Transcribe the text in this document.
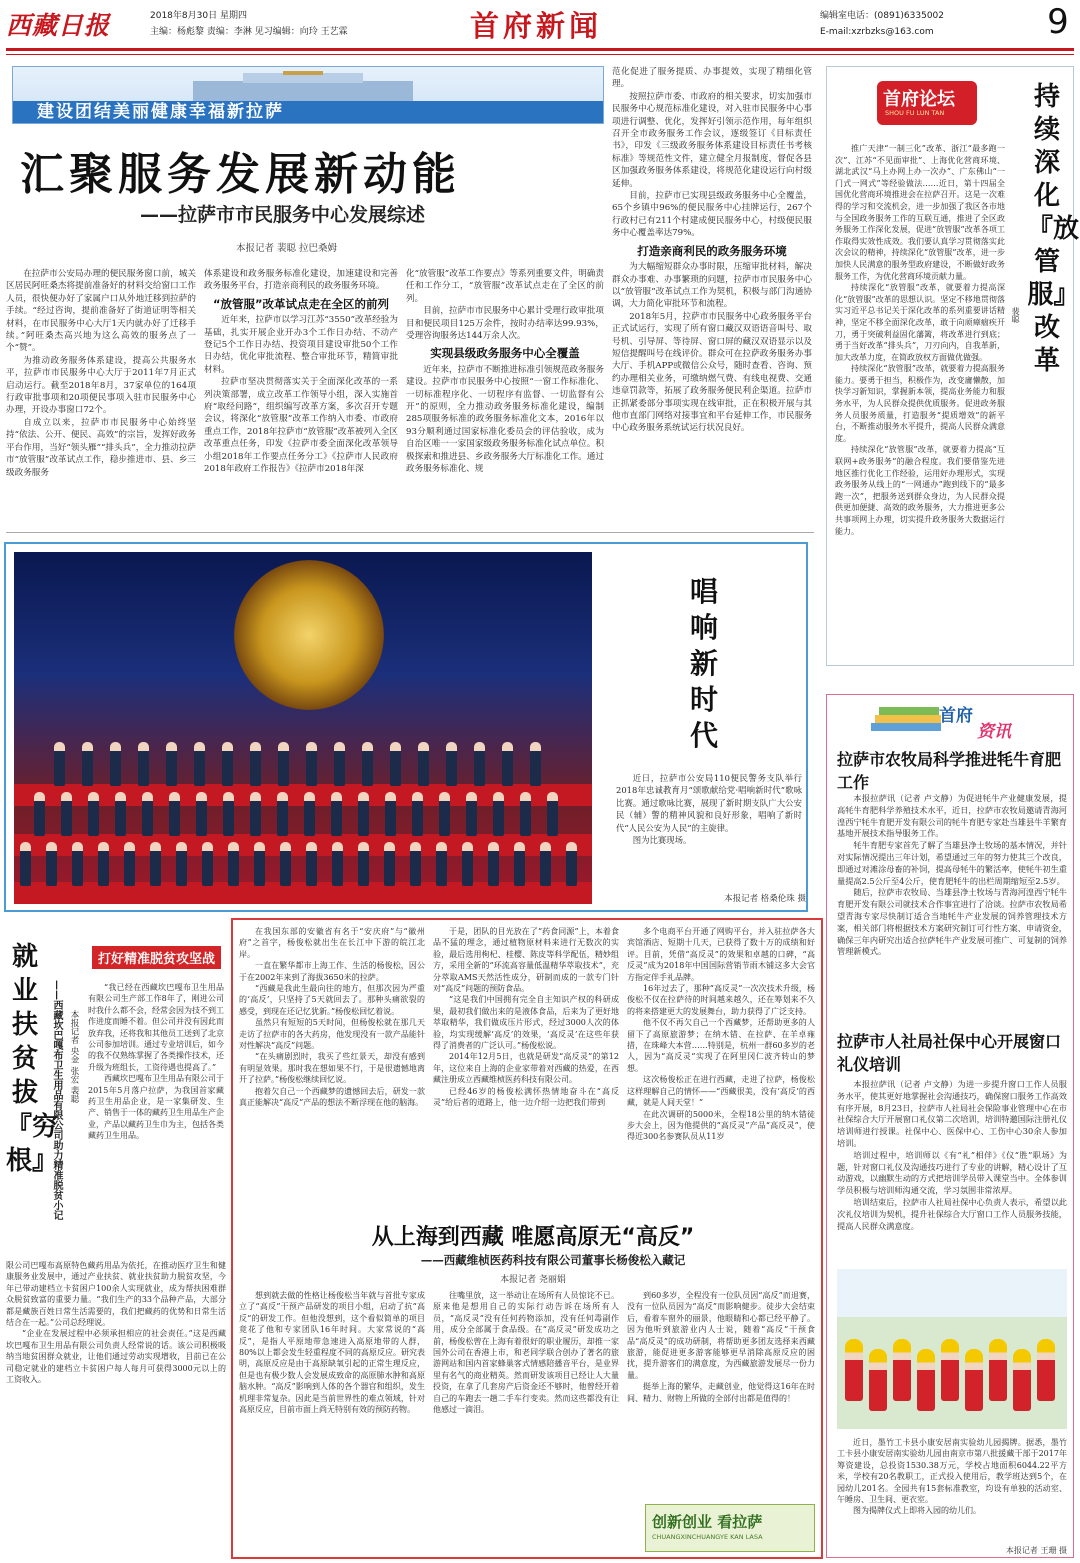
西藏日报	2018年8月30日 星期四
主编：杨彪黎 责编：李淋 见习编辑：向玲 王艺霖	首府新闻	编辑室电话：(0891)6335002
E-mail:xzrbzks@163.com	9
建设团结美丽健康幸福新拉萨
汇聚服务发展新动能
——拉萨市市民服务中心发展综述
本报记者 裴聪 拉巴桑姆

在拉萨市公安局办理的便民服务窗口前，城关区居民阿旺桑杰将提前准备好的材料交给窗口工作人员，很快便办好了家属户口从外地迁移到拉萨的手续。“经过咨询，提前准备好了街道证明等相关材料，在市民服务中心大厅1天内就办好了迁移手续。”阿旺桑杰高兴地为这么高效的服务点了一个“赞”。

为推动政务服务体系建设，提高公共服务水平，拉萨市市民服务中心大厅于2011年7月正式启动运行。截至2018年8月，37家单位的164项行政审批事项和20项便民事项入驻市民服务中心办理，开设办事窗口72个。

自成立以来，拉萨市市民服务中心始终坚持“依法、公开、便民、高效”的宗旨，发挥好政务平台作用，当好“领头雁”“排头兵”，全力推动拉萨市“放管服”改革试点工作，稳步推进市、县、乡三级政务服务

体系建设和政务服务标准化建设，加速建设和完善政务服务平台，打造亲商利民的政务服务环境。

“放管服”改革试点走在全区的前列

近年来，拉萨市以学习江苏“3550”改革经验为基础，扎实开展企业开办3个工作日办结、不动产登记5个工作日办结、投资项目建设审批50个工作日办结，优化审批流程、整合审批环节，精简审批材料。

拉萨市坚决贯彻落实关于全面深化改革的一系列决策部署，成立改革工作领导小组，深入实施首府“取经问路”，组织编写改革方案，多次召开专题会议，将深化“放管服”改革工作纳入市委、市政府重点工作，2018年拉萨市“放管服”改革被列入全区改革重点任务，印发《拉萨市委全面深化改革领导小组2018年工作要点任务分工》《拉萨市人民政府2018年政府工作报告》《拉萨市2018年深

化“放管服”改革工作要点》等系列重要文件，明确责任和工作分工，“放管服”改革试点走在了全区的前列。

目前，拉萨市市民服务中心累计受理行政审批项目和便民项目125万余件，按时办结率达99.93%，受理咨询服务达144万余人次。

实现县级政务服务中心全覆盖

近年来，拉萨市不断推进标准引领规范政务服务建设。拉萨市市民服务中心按照“一窗工作标准化、一切标准程序化、一切程序有监督、一切监督有公开”的原则，全力推动政务服务标准化建设，编制285项服务标准的政务服务标准化文本，2016年以93分顺利通过国家标准化委员会的评估验收，成为自治区唯一一家国家级政务服务标准化试点单位。积极探索和推进县、乡政务服务大厅标准化工作。通过政务服务标准化、规

范化促进了服务提质、办事提效，实现了精细化管理。

按照拉萨市委、市政府的相关要求，切实加强市民服务中心规范标准化建设，对入驻市民服务中心事项进行调整、优化，发挥好引领示范作用，每年组织召开全市政务服务工作会议，逐级签订《目标责任书》，印发《三级政务服务体系建设目标责任书考核标准》等规范性文件，建立健全月报制度，督促各县区加强政务服务体系建设，将规范化建设运行向村级延伸。

目前，拉萨市已实现县级政务服务中心全覆盖，65个乡镇中96%的便民服务中心挂牌运行，267个行政村已有211个村建成便民服务中心，村级便民服务中心覆盖率达79%。

打造亲商利民的政务服务环境

为大幅缩短群众办事时限，压缩审批材料，解决群众办事难、办事繁琐的问题，拉萨市市民服务中心以“放管服”改革试点工作为契机，积极与部门沟通协调，大力简化审批环节和流程。

2018年5月，拉萨市市民服务中心政务服务平台正式试运行，实现了所有窗口藏汉双语语音叫号、取号机、引导屏、等待屏、窗口屏的藏汉双语显示以及短信提醒叫号在线评价。群众可在拉萨政务服务办事大厅、手机APP或微信公众号，随时查看、咨询、预约办理相关业务，可缴纳燃气费、有线电视费、交通违章罚款等，拓展了政务服务便民利企渠道。拉萨市正抓紧委部分事项实现在线审批，正在积极开展与其他市直部门网络对接事宜和平台延伸工作，市民服务中心政务服务系统试运行状况良好。

唱响新时代

近日，拉萨市公安局110便民警务支队举行2018年忠诚教育月“颂歌献给党·唱响新时代”歌咏比赛。通过歌咏比赛，展现了新时期支队广大公安民（辅）警的精神风貌和良好形象，唱响了新时代“人民公安为人民”的主旋律。

图为比赛现场。

本报记者 格桑伦珠 摄
首府论坛
SHOU FU LUN TAN
持续深化『放管服』改革
裴聪

推广天津“一制三化”改革、浙江“最多跑一次”、江苏“不见面审批”、上海优化营商环境、湖北武汉“马上办网上办一次办”、广东佛山“一门式一网式”等经验做法……近日，第十四届全国优化营商环境推进会在拉萨召开。这是一次难得的学习和交流机会，进一步加强了我区各市地与全国政务服务工作的互联互通，推进了全区政务服务工作深化发展，促进“放管服”改革各项工作取得实效性成效。我们要认真学习贯彻落实此次会议的精神，持续深化“放管服”改革，进一步加快人民满意的服务型政府建设，不断做好政务服务工作，为优化营商环境贡献力量。

持续深化“放管服”改革，就要着力提高深化“放管服”改革的思想认识。坚定不移地贯彻落实习近平总书记关于深化改革的系列重要讲话精神，坚定不移全面深化改革，敢于向顽瘴痼疾开刀，勇于突破利益固化藩篱，将改革进行到底；勇于当好改革“排头兵”，刀刃向内，自我革新，加大改革力度，在简政放权方面做优做强。

持续深化“放管服”改革，就要着力提高服务能力。要勇于担当，积极作为，改变庸懒散，加快学习新知识，掌握新本领，提高业务能力和服务水平，为人民群众提供优质服务。促进政务服务人员服务质量，打造服务“提质增效”的新平台，不断推动服务水平提升，提高人民群众满意度。

持续深化“放管服”改革，就要着力提高“互联网+政务服务”的融合程度。我们要借鉴先进地区推行优化工作经验，运用好办理形式，实现政务服务从线上的“一网通办”跑到线下的“最多跑一次”，把服务送到群众身边，为人民群众提供更加便捷、高效的政务服务，大力推进更多公共事项网上办理，切实提升政务服务大数据运行能力。

首府
资讯
拉萨市农牧局科学推进牦牛育肥工作

本报拉萨讯（记者 卢文静）为促进牦牛产业健康发展，提高牦牛育肥科学养殖技术水平，近日，拉萨市农牧局邀请青海河湟西宁牦牛育肥开发有限公司的牦牛育肥专家赴当雄县牛羊繁育基地开展技术指导服务工作。

牦牛育肥专家首先了解了当雄县净土牧场的基本情况，并针对实际情况提出三年计划，希望通过三年的努力使其三个改良，即通过对滩涂母畜的补饲，提高母牦牛的繁活率，使牦牛初生重量提高2.5公斤至4公斤，使育肥牦牛的出栏周期缩短至2.5岁。

随后，拉萨市农牧局、当雄县净土牧场与青海河湟西宁牦牛育肥开发有限公司就技术合作事宜进行了洽谈。拉萨市农牧局希望青海专家尽快制订适合当地牦牛产业发展的饲养管理技术方案，相关部门将根据技术方案研究制订可行性方案、申请资金，确保三年内研究出适合拉萨牦牛产业发展可推广、可复制的饲养管理新模式。

拉萨市人社局社保中心开展窗口礼仪培训

本报拉萨讯（记者 卢文静）为进一步提升窗口工作人员服务水平，使其更好地掌握社会沟通技巧，确保窗口服务工作高效有序开展，8月23日，拉萨市人社局社会保险事业管理中心在市社保综合大厅开展窗口礼仪第二次培训，培训特邀国际注册礼仪培训师进行授课。社保中心、医保中心、工伤中心30余人参加培训。

培训过程中，培训师以《有“礼”相伴》《仪“胜”职场》为题，针对窗口礼仪及沟通技巧进行了专业的讲解，精心设计了互动游戏，以幽默生动的方式把培训学员带入课堂当中。全体参训学员积极与培训师沟通交流，学习氛围非常浓厚。

培训结束后，拉萨市人社局社保中心负责人表示，希望以此次礼仪培训为契机，提升社保综合大厅窗口工作人员服务技能，提高人民群众满意度。

近日，墨竹工卡县小康安居南实验幼儿园揭牌。据悉，墨竹工卡县小康安居南实验幼儿园由南京市第八批援藏干部于2017年筹资建设，总投资1530.38万元，学校占地面积6044.22平方米，学校有20名教职工，正式投入使用后，教学班达到5个，在园幼儿201名。全园共有15套标准教室，均设有单独的活动室、午睡房、卫生间、更衣室。

图为揭牌仪式上即将入园的幼儿们。

本报记者 王珊 摄
打好精准脱贫攻坚战
就业扶贫拔『穷根』
——西藏坎巴嘎布卫生用品有限公司助力精准脱贫小记 本报记者 央金 张宏 裴聪

“我已经在西藏坎巴嘎布卫生用品有限公司生产部工作8年了，刚进公司时我什么都不会，经常会因为技不到工作进度而睡不着。但公司并没有因此而放弃我，还将我和其他员工送到了北京公司参加培训。通过专业培训后，如今的我不仅熟练掌握了各类操作技术，还升级为班组长，工资待遇也提高了。”

西藏坎巴嘎布卫生用品有限公司于2015年5月落户拉萨，为我国首家藏药卫生用品企业，是一家集研发、生产、销售于一体的藏药卫生用品生产企业，产品以藏药卫生巾为主，包括各类藏药卫生用品。

限公司巴嘎布高原特色藏药用品为依托，在推动医疗卫生和健康服务业发展中，通过产业扶贫、就业扶贫助力脱贫攻坚，今年已带动建档立卡贫困户100余人实现就业，成为帮扶困难群众脱贫致富的重要力量。“我们生产的33个品种产品，大部分都是藏族百姓日常生活需要的，我们把藏药的优势和日常生活结合在一起。”公司总经理说。

“企业在发展过程中必须承担相应的社会责任。”这是西藏坎巴嘎布卫生用品有限公司负责人经常说的话。该公司积极吸纳当地贫困群众就业，让他们通过劳动实现增收，目前已在公司稳定就业的建档立卡贫困户每人每月可获得3000元以上的工资收入。

在我国东部的安徽省有名于“安庆府”与“徽州府”之首字，杨俊松就出生在长江中下游的皖江北岸。

一直在繁华都市上海工作、生活的杨俊松，因公于在2002年来到了海拔3650米的拉萨。

“西藏是我此生最向往的地方，但那次因为严重的‘高反’，只坚持了5天就回去了。那种头痛欲裂的感受，到现在还记忆犹新。”杨俊松回忆着说。

虽然只有短短的5天时间，但杨俊松就在那几天走访了拉萨市的各大药房，他发现没有一款产品能针对性解决“高反”问题。

“在头痛剧烈时，我买了些红景天，却没有感到有明显效果。那时我在想如果不行，于是很遗憾地离开了拉萨。”杨俊松继续回忆说。

抱着欠自己一个西藏梦的遗憾回去后，研发一款真正能解决“高反”产品的想法不断浮现在他的脑海。

于是，团队的目光放在了“药食同源”上，本着食品不猛的理念，通过植物原材料来进行无数次的实验，最后选用枸杞、桂樱、陈皮等科学配伍，精妙组方，采用全新的“环流高容量低温精华萃取技术”，充分萃取AMS天然活性成分，研制而成的一款专门针对“高反”问题的预防食品。

“这是我们中国拥有完全自主知识产权的科研成果，最初我们做出来的是液体食品，后来为了更好地萃取精华，我们做成压片形式，经过3000人次的体验，均实现缓解‘高反’的效果，‘高反灵’在这些年获得了消费者的广泛认可。”杨俊松说。

2014年12月5日，也就是研发“高反灵”的第12年，这位来自上海的企业家带着对西藏的热爱，在西藏注册成立西藏维桢医药科技有限公司。

已经46岁的杨俊松满怀热情地奋斗在“高反灵”给后者的道路上，他一边介绍一边把我们带到

多个电商平台开通了网购平台，并入驻拉萨各大宾馆酒店、短期十几天，已获得了数十万的成绩和好评。目前，凭借“高反灵”的效果和卓越的口碑，“高反灵”成为2018年中国国际营销节雨木铺这多大会官方指定伴手礼品牌。

16年过去了，那种“高反灵”一次次技术升级，杨俊松不仅在拉萨待的时间越来越久，还在筹划来不久的将来搭建更大的发展舞台，助力获得了广泛支持。

他不仅不再欠自己一个西藏梦，还帮助更多的人留下了高原旅游梦；在纳木错、在拉萨、在羊卓雍措，在珠峰大本营……特别是，杭州一群60多岁的老人，因为“高反灵”实现了在阿里冈仁波齐转山的梦想。

这次杨俊松正在进行西藏，走进了拉萨，杨俊松这样理解自己的情怀——“西藏很美，没有‘高反’的西藏，就是人间天堂！”

在此次调研的5000米，全程18公里的纳木错徒步大会上，因为他提供的“高反灵”产品“高反灵”，使得近300名参赛队员从11岁

从上海到西藏 唯愿高原无“高反”
——西藏维桢医药科技有限公司董事长杨俊松入藏记
本报记者 尧丽娟

想到就去做的性格让杨俊松当年就与首批专家成立了“高反”干预产品研发的项目小组，启动了抗“高反”的研发工作。但他没想到，这个看似简单的项目竟花了他和专家团队16年时间。大家常说的“高反”，是指人平原地带急速进入高原地带的人群，80%以上都会发生轻重程度不同的高原反应。研究表明，高原反应是由于高原缺氧引起的正常生理反应，但是也有极少数人会发展成致命的高原肺水肿和高原脑水肿。“高反”影响到人体的各个器官和组织，发生机理非常复杂。因此是当前世界性的难点领域，针对高原反应，目前市面上尚无特别有效的预防药物。

往嘴里放，这一举动让在场所有人员惊诧不已。原来他是想用自己的实际行动告诉在场所有人员，“高反灵”没有任何药物添加，没有任何毒副作用，成分全部属于食品级。在“高反灵”研发成功之前，杨俊松曾在上海有着很好的职业履历，却推一家国外公司在香港上市，和老同学联合创办了著名的旅游网站和国内首家蜂巢客式情感陪播音平台，是业界里有名气的商业精英。然而研发该项目已经让人大量投资，在拿了几套房产后资金还不够时，他曾经开着自己的车跑去一趟二手车行变卖。然而这些都没有让他感过一滴泪。

到60多岁，全程没有一位队员因“高反”而退赛，没有一位队员因为“高反”而影响健步。徒步大会结束后，看着车窗外的丽景，他眼睛和心都已经平静了。因为他听到旅游业内人士说，随着“高反”干预食品“高反灵”的成功研制，将帮助更多团友选择来西藏旅游，能促进更多游客能够更早消除高原反应的困扰，提升游客们的满意度，为西藏旅游发展尽一份力量。

挺举上海的繁华，走藏创业，他觉得这16年在时间、精力、财物上所做的全部付出都是值得的！

创新创业 看拉萨
CHUANGXINCHUANGYE KAN LASA
